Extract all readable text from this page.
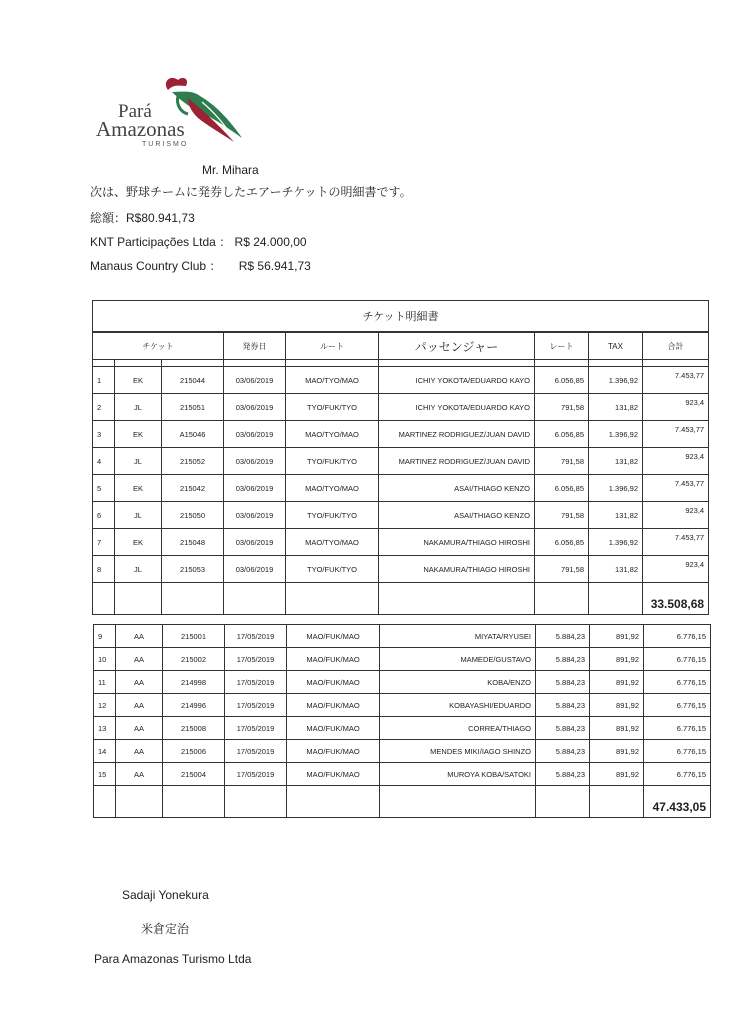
Pará
Amazonas
TURISMO
Mr. Mihara
次は、野球チームに発券したエアーチケットの明細書です。
総額：R$80.941,73
KNT Participações Ltda ： R$ 24.000,00
Manaus Country Club ： R$ 56.941,73
チケット明細書								
チケット			発券日	ルート	パッセンジャー	レート	TAX	合計

1	EK	215044	03/06/2019	MAO/TYO/MAO	ICHIY YOKOTA/EDUARDO KAYO	6.056,85	1.396,92	7.453,77
2	JL	215051	03/06/2019	TYO/FUK/TYO	ICHIY YOKOTA/EDUARDO KAYO	791,58	131,82	923,4
3	EK	A15046	03/06/2019	MAO/TYO/MAO	MARTINEZ RODRIGUEZ/JUAN DAVID	6.056,85	1.396,92	7.453,77
4	JL	215052	03/06/2019	TYO/FUK/TYO	MARTINEZ RODRIGUEZ/JUAN DAVID	791,58	131,82	923,4
5	EK	215042	03/06/2019	MAO/TYO/MAO	ASAI/THIAGO KENZO	6.056,85	1.396,92	7.453,77
6	JL	215050	03/06/2019	TYO/FUK/TYO	ASAI/THIAGO KENZO	791,58	131,82	923,4
7	EK	215048	03/06/2019	MAO/TYO/MAO	NAKAMURA/THIAGO HIROSHI	6.056,85	1.396,92	7.453,77
8	JL	215053	03/06/2019	TYO/FUK/TYO	NAKAMURA/THIAGO HIROSHI	791,58	131,82	923,4
								33.508,68
9	AA	215001	17/05/2019	MAO/FUK/MAO	MIYATA/RYUSEI	5.884,23	891,92	6.776,15
10	AA	215002	17/05/2019	MAO/FUK/MAO	MAMEDE/GUSTAVO	5.884,23	891,92	6.776,15
11	AA	214998	17/05/2019	MAO/FUK/MAO	KOBA/ENZO	5.884,23	891,92	6.776,15
12	AA	214996	17/05/2019	MAO/FUK/MAO	KOBAYASHI/EDUARDO	5.884,23	891,92	6.776,15
13	AA	215008	17/05/2019	MAO/FUK/MAO	CORREA/THIAGO	5.884,23	891,92	6.776,15
14	AA	215006	17/05/2019	MAO/FUK/MAO	MENDES MIKI/IAGO SHINZO	5.884,23	891,92	6.776,15
15	AA	215004	17/05/2019	MAO/FUK/MAO	MUROYA KOBA/SATOKI	5.884,23	891,92	6.776,15
								47.433,05
Sadaji Yonekura
米倉定治
Para Amazonas Turismo Ltda
